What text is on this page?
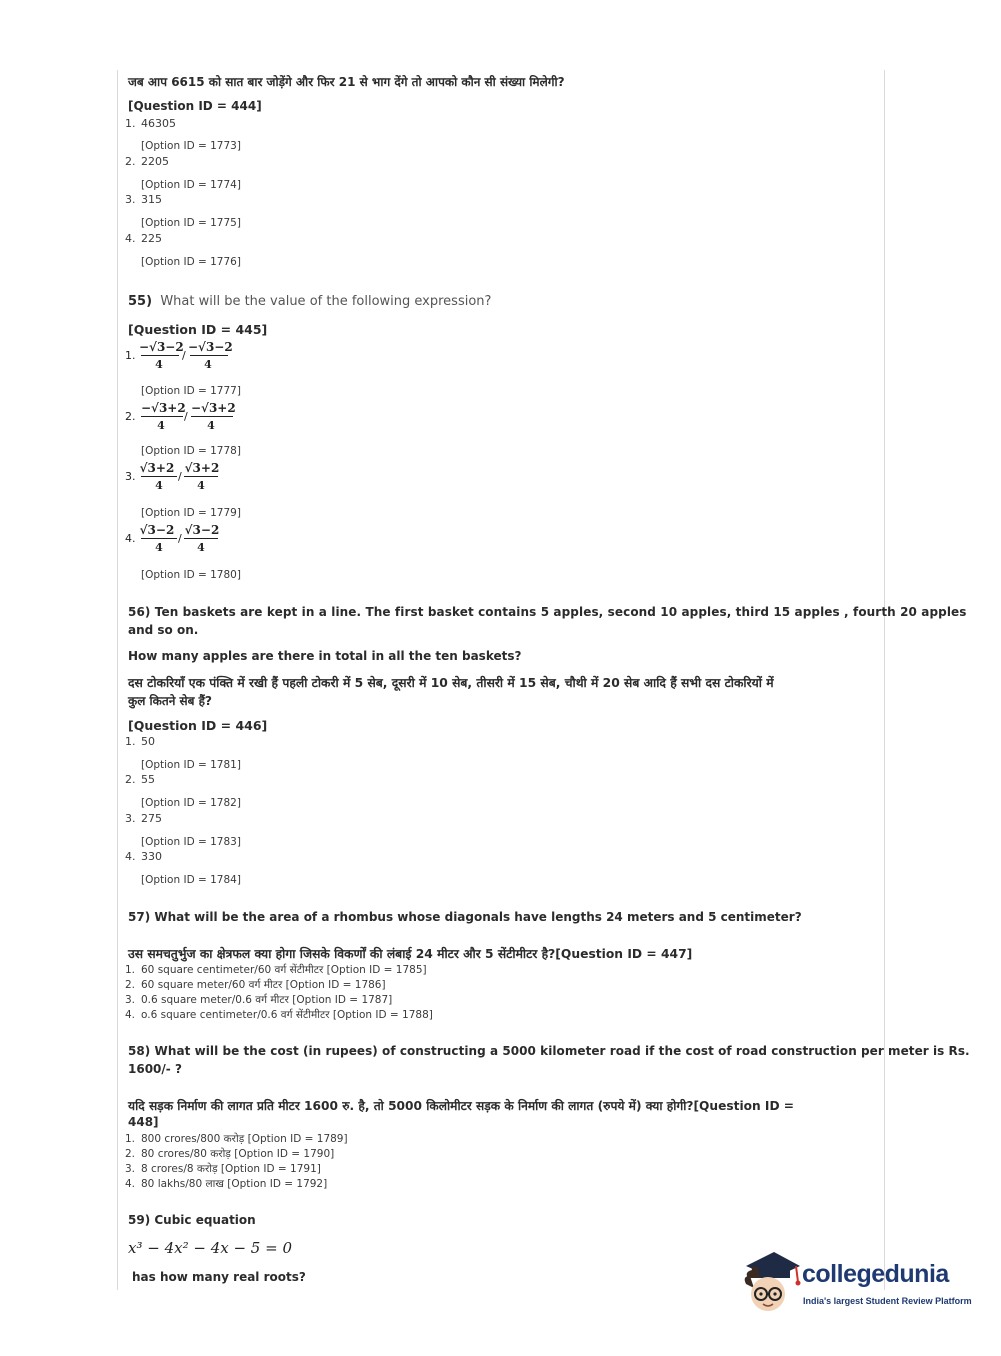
जब आप 6615 को सात बार जोड़ेंगे और फिर 21 से भाग देंगे तो आपको कौन सी संख्या मिलेगी?
[Question ID = 444]
1. 46305
[Option ID = 1773]
2. 2205
[Option ID = 1774]
3. 315
[Option ID = 1775]
4. 225
[Option ID = 1776]
55) What will be the value of the following expression?
[Question ID = 445]
1.
−√3−2
4
/
−√3−2
4
[Option ID = 1777]
2.
−√3+2
4
/
−√3+2
4
[Option ID = 1778]
3.
√3+2
4
/
√3+2
4
[Option ID = 1779]
4.
√3−2
4
/
√3−2
4
[Option ID = 1780]
56) Ten baskets are kept in a line. The first basket contains 5 apples, second 10 apples, third 15 apples , fourth 20 apples
and so on.
How many apples are there in total in all the ten baskets?
दस टोकरियाँ एक पंक्ति में रखी हैं पहली टोकरी में 5 सेब, दूसरी में 10 सेब, तीसरी में 15 सेब, चौथी में 20 सेब आदि हैं सभी दस टोकरियों में
कुल कितने सेब हैं?
[Question ID = 446]
1. 50
[Option ID = 1781]
2. 55
[Option ID = 1782]
3. 275
[Option ID = 1783]
4. 330
[Option ID = 1784]
57) What will be the area of a rhombus whose diagonals have lengths 24 meters and 5 centimeter?
उस समचतुर्भुज का क्षेत्रफल क्या होगा जिसके विकर्णों की लंबाई 24 मीटर और 5 सेंटीमीटर है?[Question ID = 447]
1. 60 square centimeter/60 वर्ग सेंटीमीटर [Option ID = 1785]
2. 60 square meter/60 वर्ग मीटर [Option ID = 1786]
3. 0.6 square meter/0.6 वर्ग मीटर [Option ID = 1787]
4. o.6 square centimeter/0.6 वर्ग सेंटीमीटर [Option ID = 1788]
58) What will be the cost (in rupees) of constructing a 5000 kilometer road if the cost of road construction per meter is Rs.
1600/- ?
यदि सड़क निर्माण की लागत प्रति मीटर 1600 रु. है, तो 5000 किलोमीटर सड़क के निर्माण की लागत (रुपये में) क्या होगी?[Question ID =
448]
1. 800 crores/800 करोड़ [Option ID = 1789]
2. 80 crores/80 करोड़ [Option ID = 1790]
3. 8 crores/8 करोड़ [Option ID = 1791]
4. 80 lakhs/80 लाख [Option ID = 1792]
59) Cubic equation
x³ − 4x² − 4x − 5 = 0
has how many real roots?	collegedunia
India's largest Student Review Platform
